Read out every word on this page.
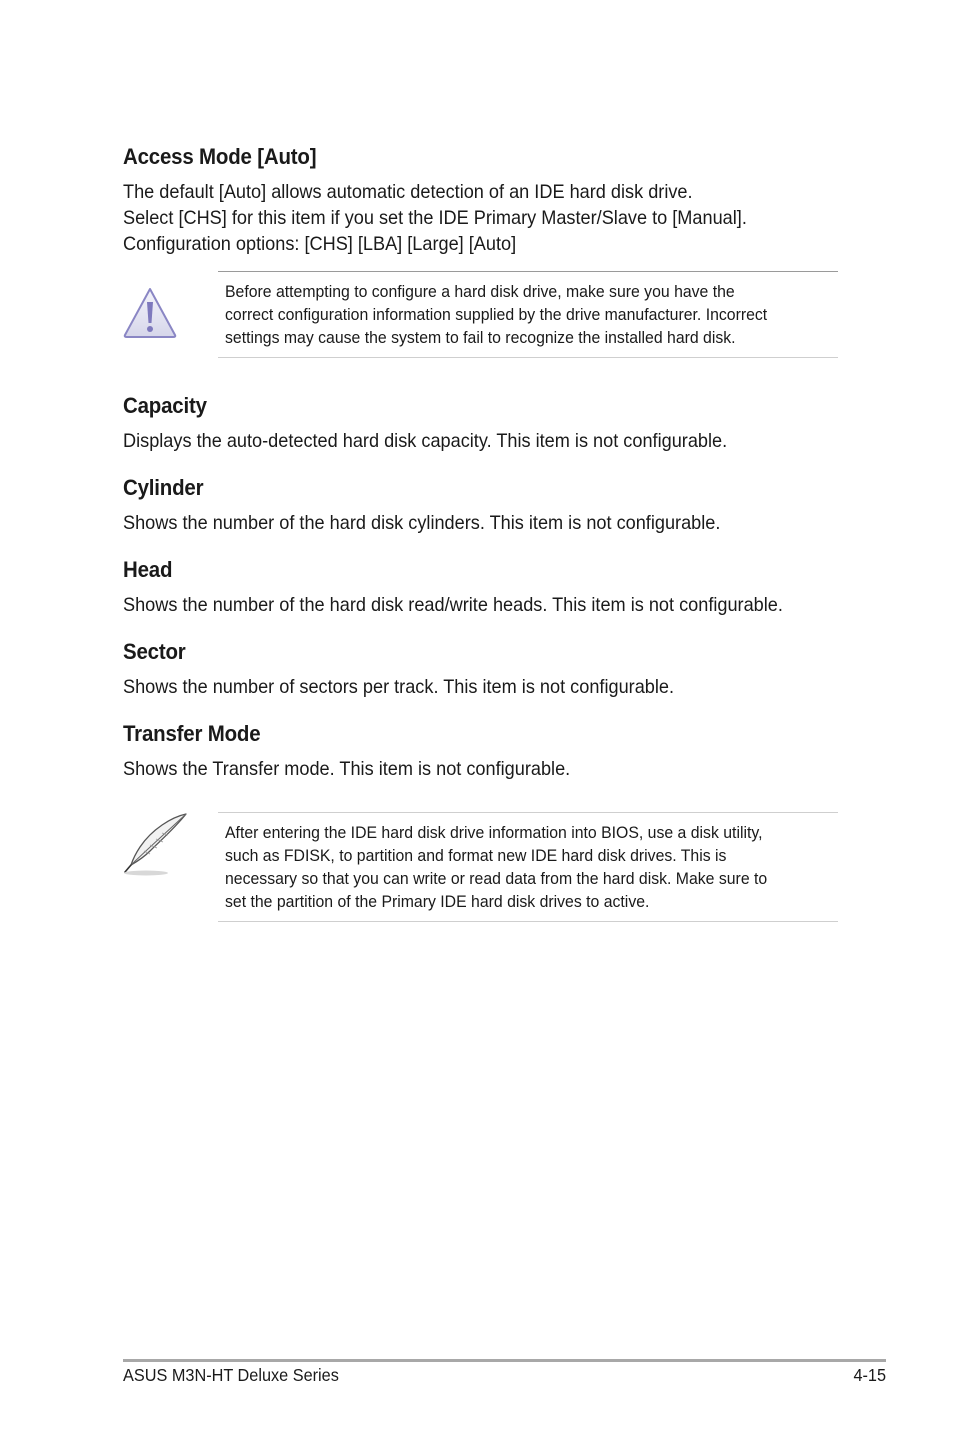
Access Mode [Auto]

The default [Auto] allows automatic detection of an IDE hard disk drive.
Select [CHS] for this item if you set the IDE Primary Master/Slave to [Manual].
Configuration options: [CHS] [LBA] [Large] [Auto]

Before attempting to configure a hard disk drive, make sure you have the
correct configuration information supplied by the drive manufacturer. Incorrect
settings may cause the system to fail to recognize the installed hard disk.

Capacity

Displays the auto-detected hard disk capacity. This item is not configurable.

Cylinder

Shows the number of the hard disk cylinders. This item is not configurable.

Head

Shows the number of the hard disk read/write heads. This item is not configurable.

Sector

Shows the number of sectors per track. This item is not configurable.

Transfer Mode

Shows the Transfer mode. This item is not configurable.

After entering the IDE hard disk drive information into BIOS, use a disk utility,
such as FDISK, to partition and format new IDE hard disk drives. This is
necessary so that you can write or read data from the hard disk. Make sure to
set the partition of the Primary IDE hard disk drives to active.

ASUS M3N-HT Deluxe Series	4-15
